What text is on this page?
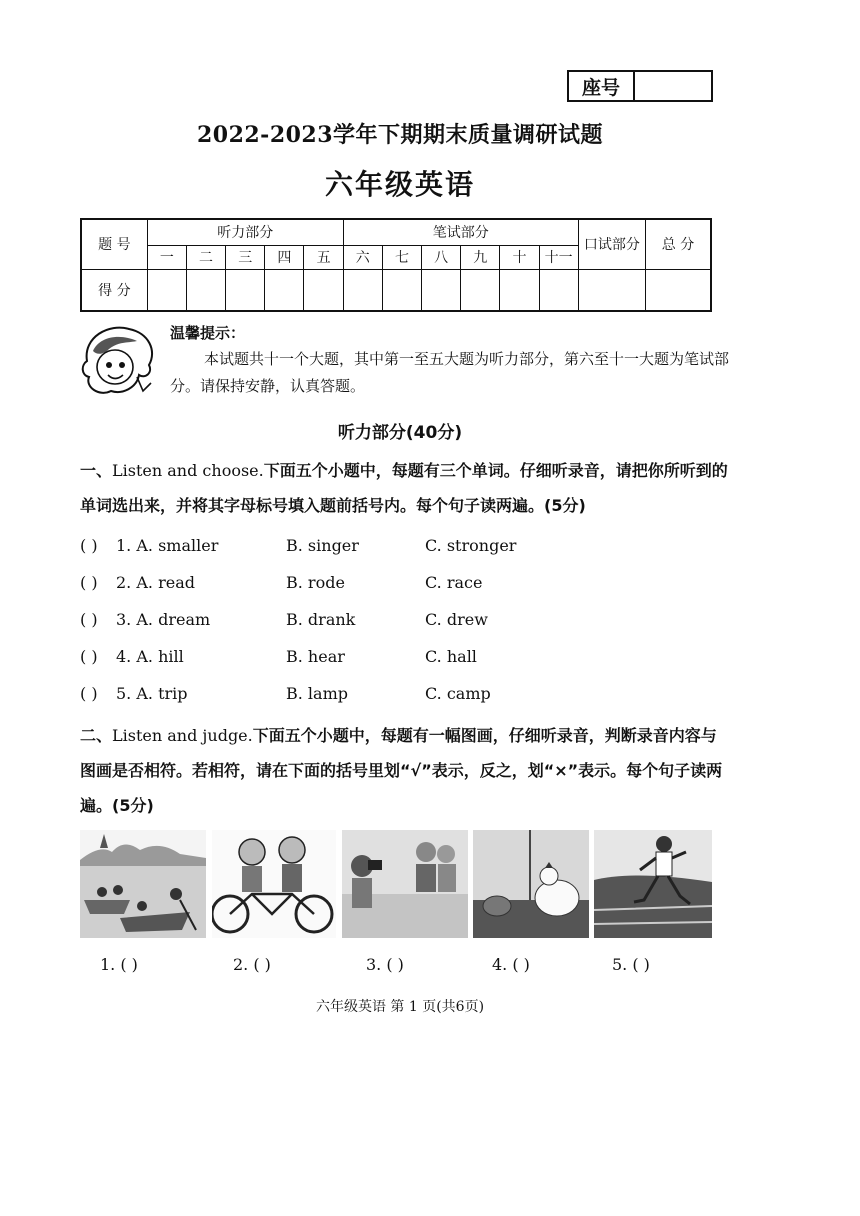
座号
2022-2023学年下期期末质量调研试题
六年级英语
题 号	听力部分					笔试部分						口试部分	总 分
	一	二	三	四	五	六	七	八	九	十	十一		
得 分													
温馨提示：
本试题共十一个大题，其中第一至五大题为听力部分，第六至十一大题为笔试部分。请保持安静，认真答题。
听力部分(40分)
一、Listen and choose.下面五个小题中，每题有三个单词。仔细听录音，请把你所听到的单词选出来，并将其字母标号填入题前括号内。每个句子读两遍。(5分)
( ) 1. A. smaller	B. singer	C. stronger
( ) 2. A. read	B. rode	C. race
( ) 3. A. dream	B. drank	C. drew
( ) 4. A. hill	B. hear	C. hall
( ) 5. A. trip	B. lamp	C. camp
二、Listen and judge.下面五个小题中，每题有一幅图画，仔细听录音，判断录音内容与图画是否相符。若相符，请在下面的括号里划“√”表示，反之，划“×”表示。每个句子读两遍。(5分)
1. ( )	2. ( )	3. ( )	4. ( )	5. ( )
六年级英语 第 1 页(共6页)
